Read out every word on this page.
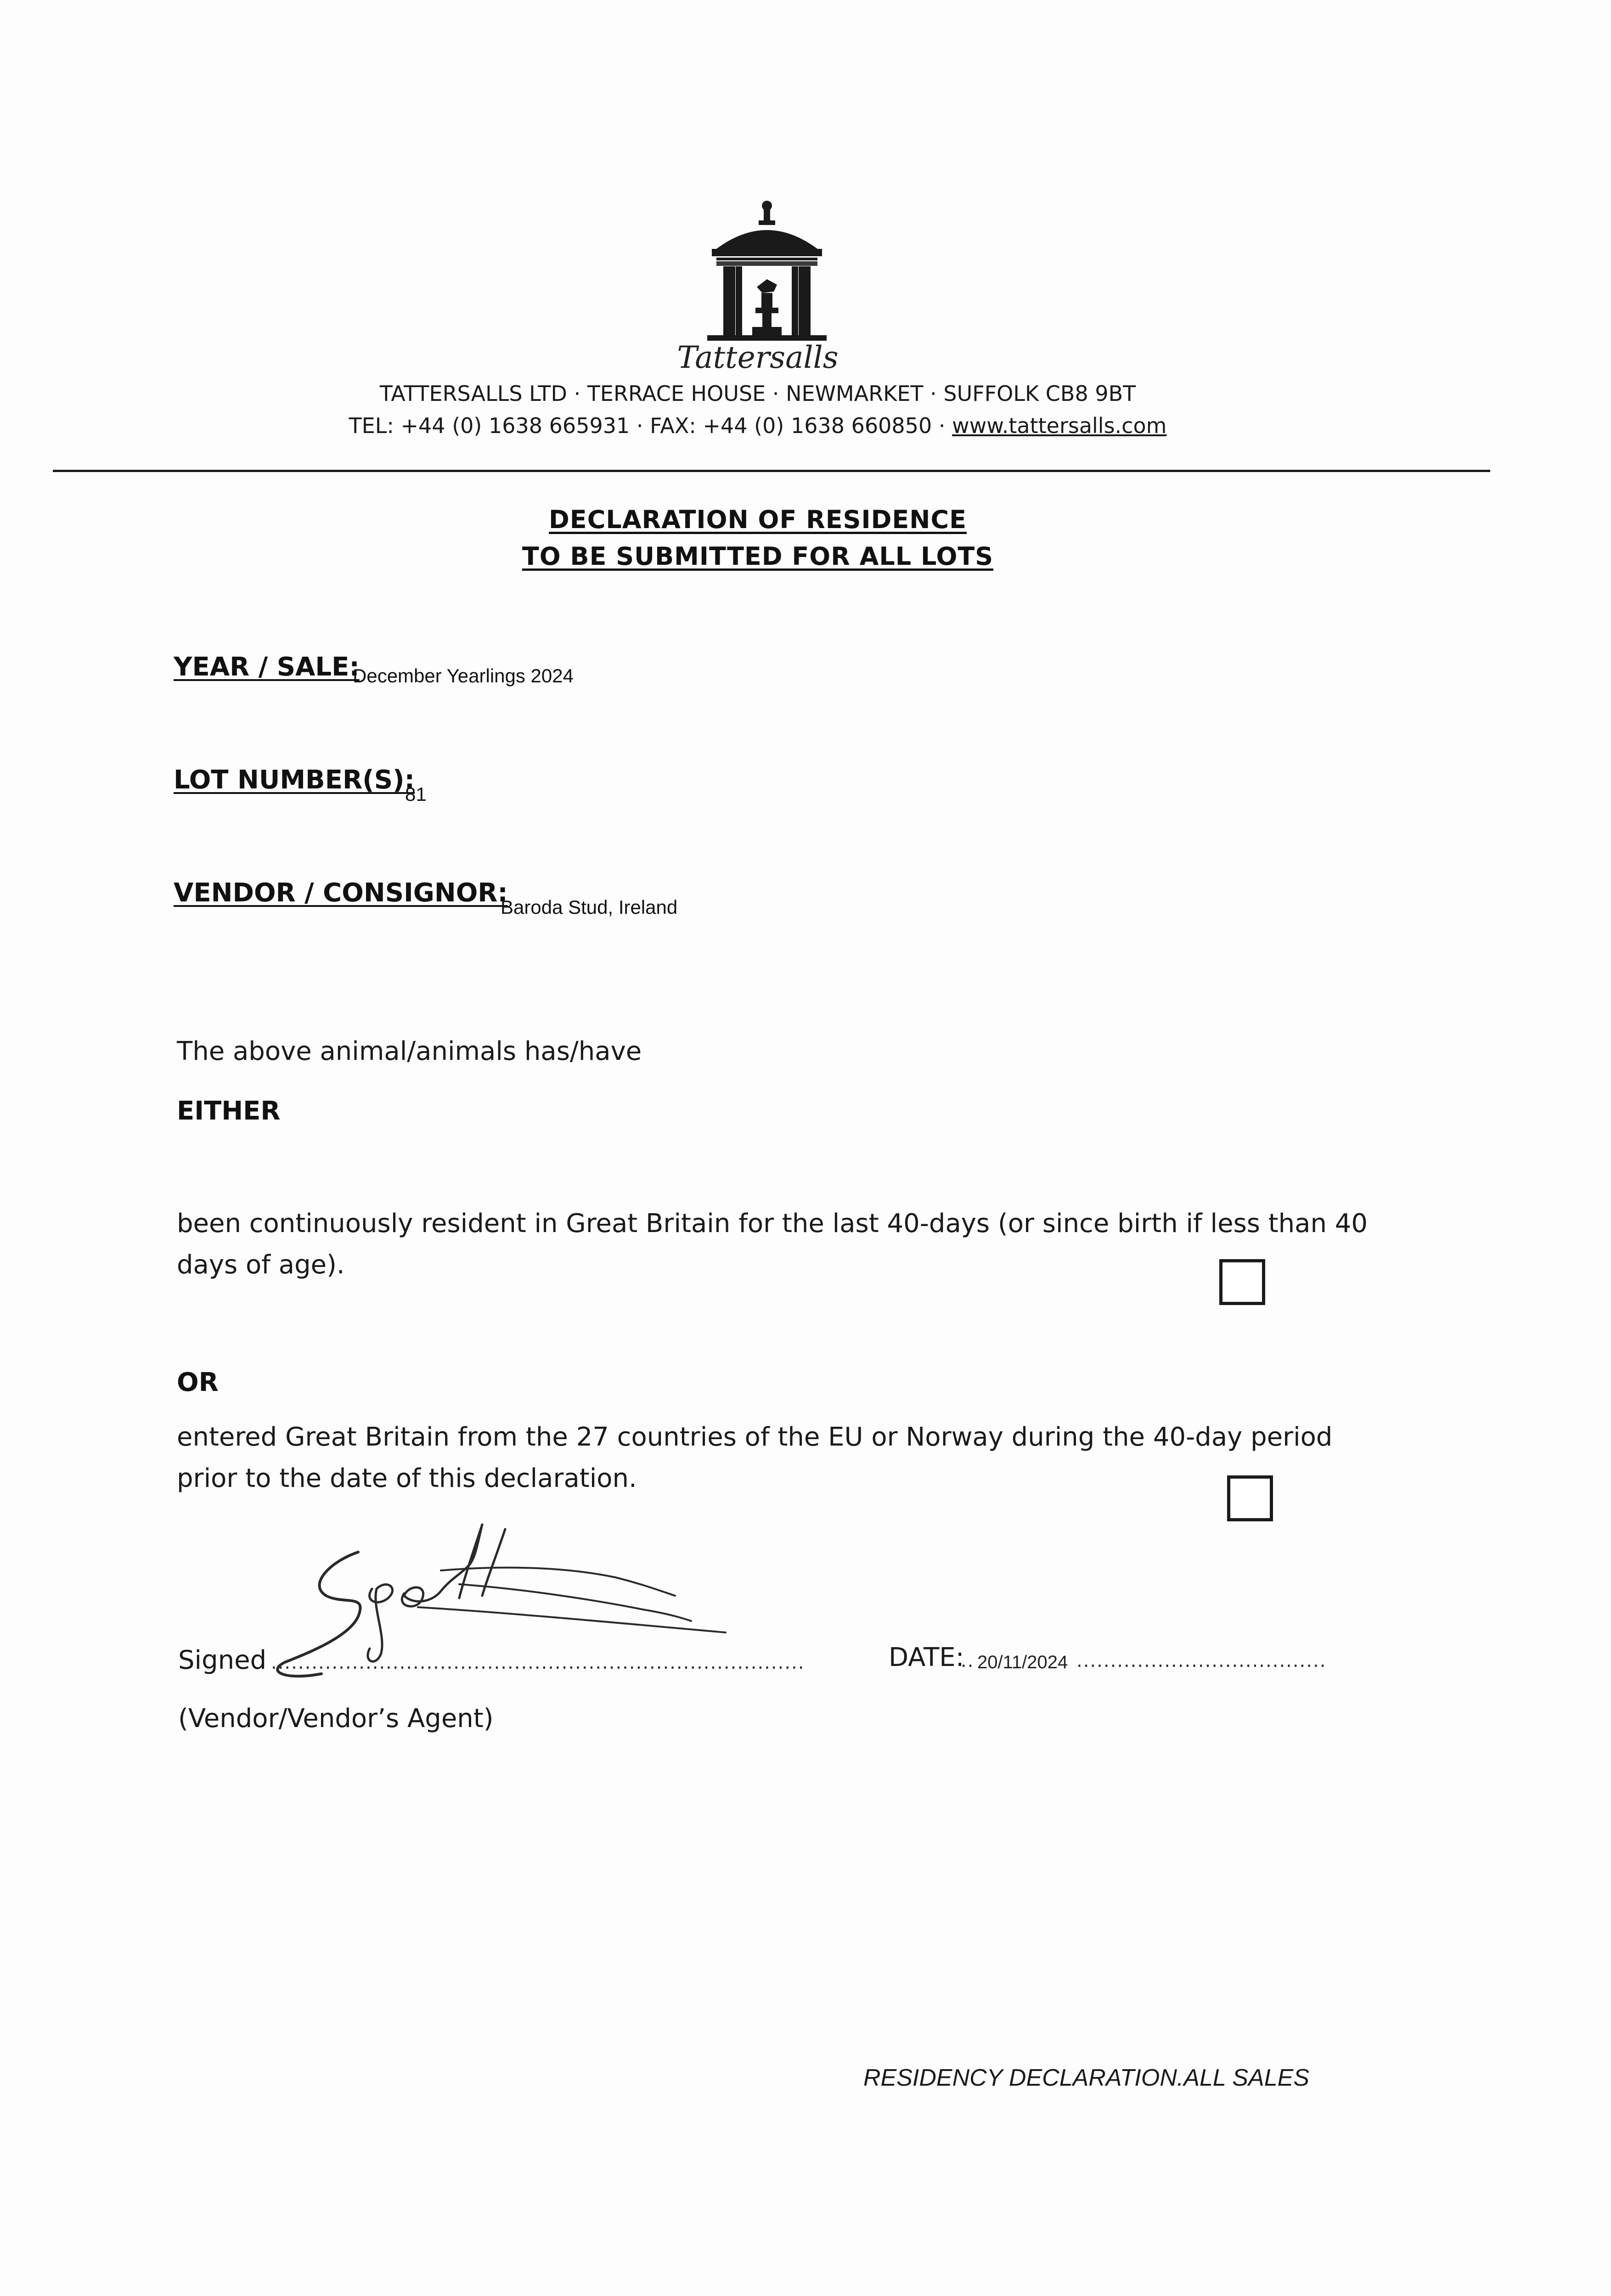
Tattersalls
TATTERSALLS LTD · TERRACE HOUSE · NEWMARKET · SUFFOLK CB8 9BT
TEL: +44 (0) 1638 665931 · FAX: +44 (0) 1638 660850 · www.tattersalls.com
DECLARATION OF RESIDENCE
TO BE SUBMITTED FOR ALL LOTS
YEAR / SALE:
December Yearlings 2024
LOT NUMBER(S):
81
VENDOR / CONSIGNOR:
Baroda Stud, Ireland
The above animal/animals has/have
EITHER
been continuously resident in Great Britain for the last 40-days (or since birth if less than 40
days of age).
OR
entered Great Britain from the 27 countries of the EU or Norway during the 40-day period
prior to the date of this declaration.
Signed ...............................................................................	DATE:
.. 20/11/2024 .....................................
(Vendor/Vendor’s Agent)
RESIDENCY DECLARATION.ALL SALES
